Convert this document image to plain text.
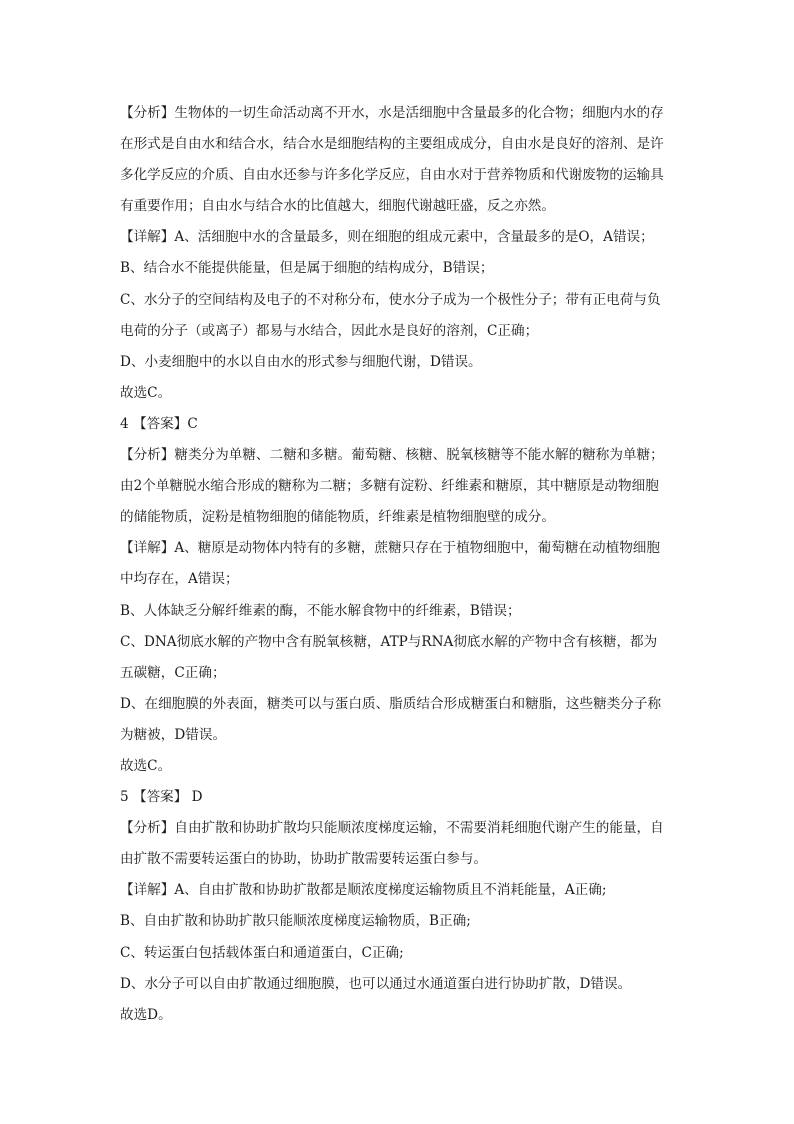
【分析】生物体的一切生命活动离不开水，水是活细胞中含量最多的化合物；细胞内水的存

在形式是自由水和结合水，结合水是细胞结构的主要组成成分，自由水是良好的溶剂、是许

多化学反应的介质、自由水还参与许多化学反应，自由水对于营养物质和代谢废物的运输具

有重要作用；自由水与结合水的比值越大，细胞代谢越旺盛，反之亦然。

【详解】A、活细胞中水的含量最多，则在细胞的组成元素中，含量最多的是O，A错误；

B、结合水不能提供能量，但是属于细胞的结构成分，B错误；

C、水分子的空间结构及电子的不对称分布，使水分子成为一个极性分子；带有正电荷与负

电荷的分子（或离子）都易与水结合，因此水是良好的溶剂，C正确；

D、小麦细胞中的水以自由水的形式参与细胞代谢，D错误。

故选C。

4 【答案】C

【分析】糖类分为单糖、二糖和多糖。葡萄糖、核糖、脱氧核糖等不能水解的糖称为单糖；

由2个单糖脱水缩合形成的糖称为二糖；多糖有淀粉、纤维素和糖原，其中糖原是动物细胞

的储能物质，淀粉是植物细胞的储能物质，纤维素是植物细胞壁的成分。

【详解】A、糖原是动物体内特有的多糖，蔗糖只存在于植物细胞中，葡萄糖在动植物细胞

中均存在，A错误；

B、人体缺乏分解纤维素的酶，不能水解食物中的纤维素，B错误；

C、DNA彻底水解的产物中含有脱氧核糖，ATP与RNA彻底水解的产物中含有核糖，都为

五碳糖，C正确；

D、在细胞膜的外表面，糖类可以与蛋白质、脂质结合形成糖蛋白和糖脂，这些糖类分子称

为糖被，D错误。

故选C。

5 【答案】 D

【分析】自由扩散和协助扩散均只能顺浓度梯度运输，不需要消耗细胞代谢产生的能量，自

由扩散不需要转运蛋白的协助，协助扩散需要转运蛋白参与。

【详解】A、自由扩散和协助扩散都是顺浓度梯度运输物质且不消耗能量，A正确;

B、自由扩散和协助扩散只能顺浓度梯度运输物质，B正确;

C、转运蛋白包括载体蛋白和通道蛋白，C正确;

D、水分子可以自由扩散通过细胞膜，也可以通过水通道蛋白进行协助扩散，D错误。

故选D。
